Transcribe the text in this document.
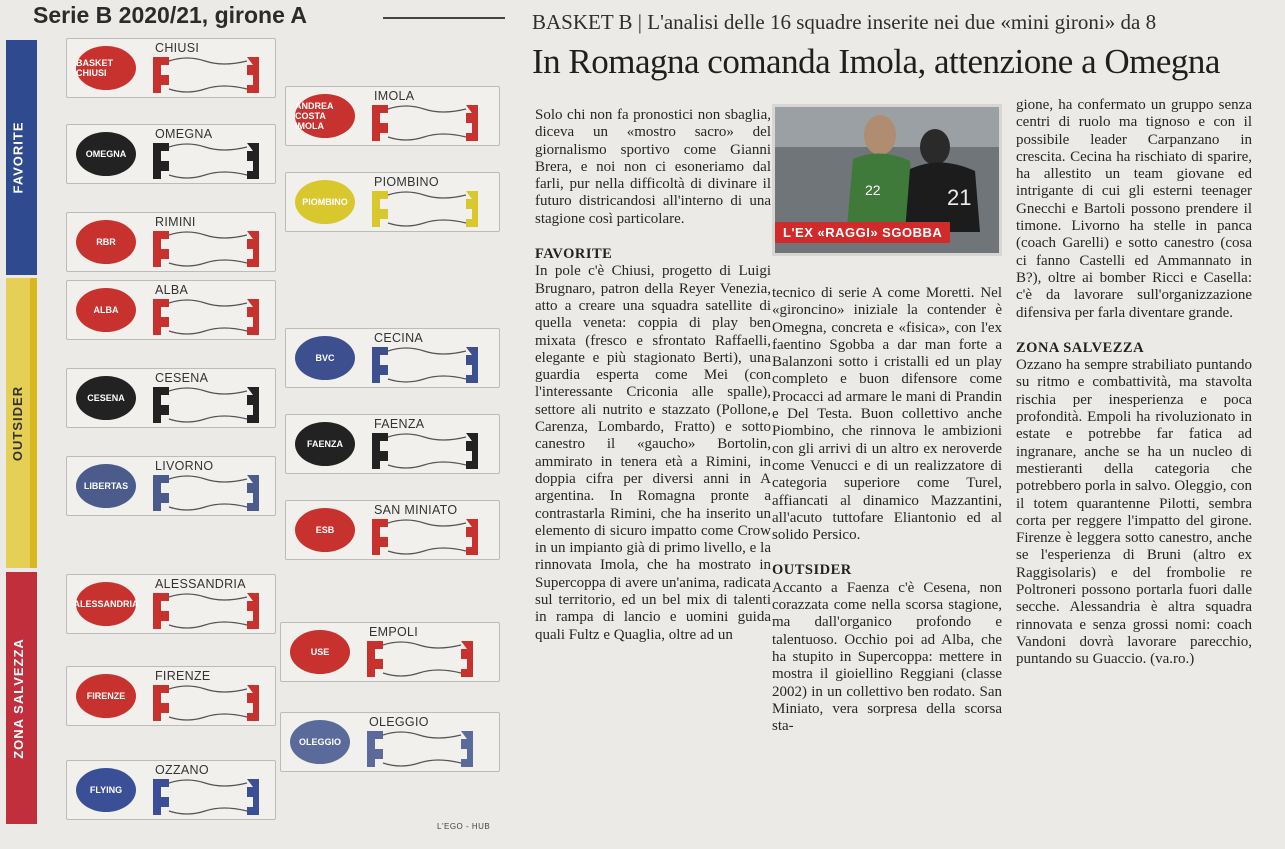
Serie B 2020/21, girone A
FAVORITE
OUTSIDER
ZONA SALVEZZA
BASKET CHIUSI
CHIUSI
ANDREA COSTA IMOLA
IMOLA
OMEGNA
OMEGNA
PIOMBINO
PIOMBINO
RBR
RIMINI
ALBA
ALBA
BVC
CECINA
CESENA
CESENA
FAENZA
FAENZA
LIBERTAS
LIVORNO
ESB
SAN MINIATO
ALESSANDRIA
ALESSANDRIA
USE
EMPOLI
FIRENZE
FIRENZE
OLEGGIO
OLEGGIO
FLYING
OZZANO
L'EGO - HUB
BASKET B | L'analisi delle 16 squadre inserite nei due «mini gironi» da 8
In Romagna comanda Imola, attenzione a Omegna

Solo chi non fa pronostici non sbaglia, diceva un «mostro sacro» del giornalismo sportivo come Gianni Brera, e noi non ci esoneriamo dal farli, pur nella difficoltà di divinare il futuro districandosi all'interno di una stagione così particolare.

FAVORITE

In pole c'è Chiusi, progetto di Luigi Brugnaro, patron della Reyer Venezia, atto a creare una squadra satellite di quella veneta: coppia di play ben mixata (fresco e sfrontato Raffaelli, elegante e più stagionato Berti), una guardia esperta come Mei (con l'interessante Criconia alle spalle), settore ali nutrito e stazzato (Pollone, Carenza, Lombardo, Fratto) e sotto canestro il «gaucho» Bortolin, ammirato in tenera età a Rimini, in doppia cifra per diversi anni in A argentina. In Romagna pronte a contrastarla Rimini, che ha inserito un elemento di sicuro impatto come Crow in un impianto già di primo livello, e la rinnovata Imola, che ha mostrato in Supercoppa di avere un'anima, radicata sul territorio, ed un bel mix di talenti in rampa di lancio e uomini guida quali Fultz e Quaglia, oltre ad un

22	21
L'EX «RAGGI» SGOBBA

tecnico di serie A come Moretti. Nel «gironcino» iniziale la contender è Omegna, concreta e «fisica», con l'ex faentino Sgobba a dar man forte a Balanzoni sotto i cristalli ed un play completo e buon difensore come Procacci ad armare le mani di Prandin e Del Testa. Buon collettivo anche Piombino, che rinnova le ambizioni con gli arrivi di un altro ex neroverde come Venucci e di un realizzatore di categoria superiore come Turel, affiancati al dinamico Mazzantini, all'acuto tuttofare Eliantonio ed al solido Persico.

OUTSIDER

Accanto a Faenza c'è Cesena, non corazzata come nella scorsa stagione, ma dall'organico profondo e talentuoso. Occhio poi ad Alba, che ha stupito in Supercoppa: mettere in mostra il gioiellino Reggiani (classe 2002) in un collettivo ben rodato. San Miniato, vera sorpresa della scorsa sta-

gione, ha confermato un gruppo senza centri di ruolo ma tignoso e con il possibile leader Carpanzano in crescita. Cecina ha rischiato di sparire, ha allestito un team giovane ed intrigante di cui gli esterni teenager Gnecchi e Bartoli possono prendere il timone. Livorno ha stelle in panca (coach Garelli) e sotto canestro (cosa ci fanno Castelli ed Ammannato in B?), oltre ai bomber Ricci e Casella: c'è da lavorare sull'organizzazione difensiva per farla diventare grande.

ZONA SALVEZZA

Ozzano ha sempre strabiliato puntando su ritmo e combattività, ma stavolta rischia per inesperienza e poca profondità. Empoli ha rivoluzionato in estate e potrebbe far fatica ad ingranare, anche se ha un nucleo di mestieranti della categoria che potrebbero porla in salvo. Oleggio, con il totem quarantenne Pilotti, sembra corta per reggere l'impatto del girone. Firenze è leggera sotto canestro, anche se l'esperienza di Bruni (altro ex Raggisolaris) e del frombolie re Poltroneri possono portarla fuori dalle secche. Alessandria è altra squadra rinnovata e senza grossi nomi: coach Vandoni dovrà lavorare parecchio, puntando su Guaccio. (va.ro.)
